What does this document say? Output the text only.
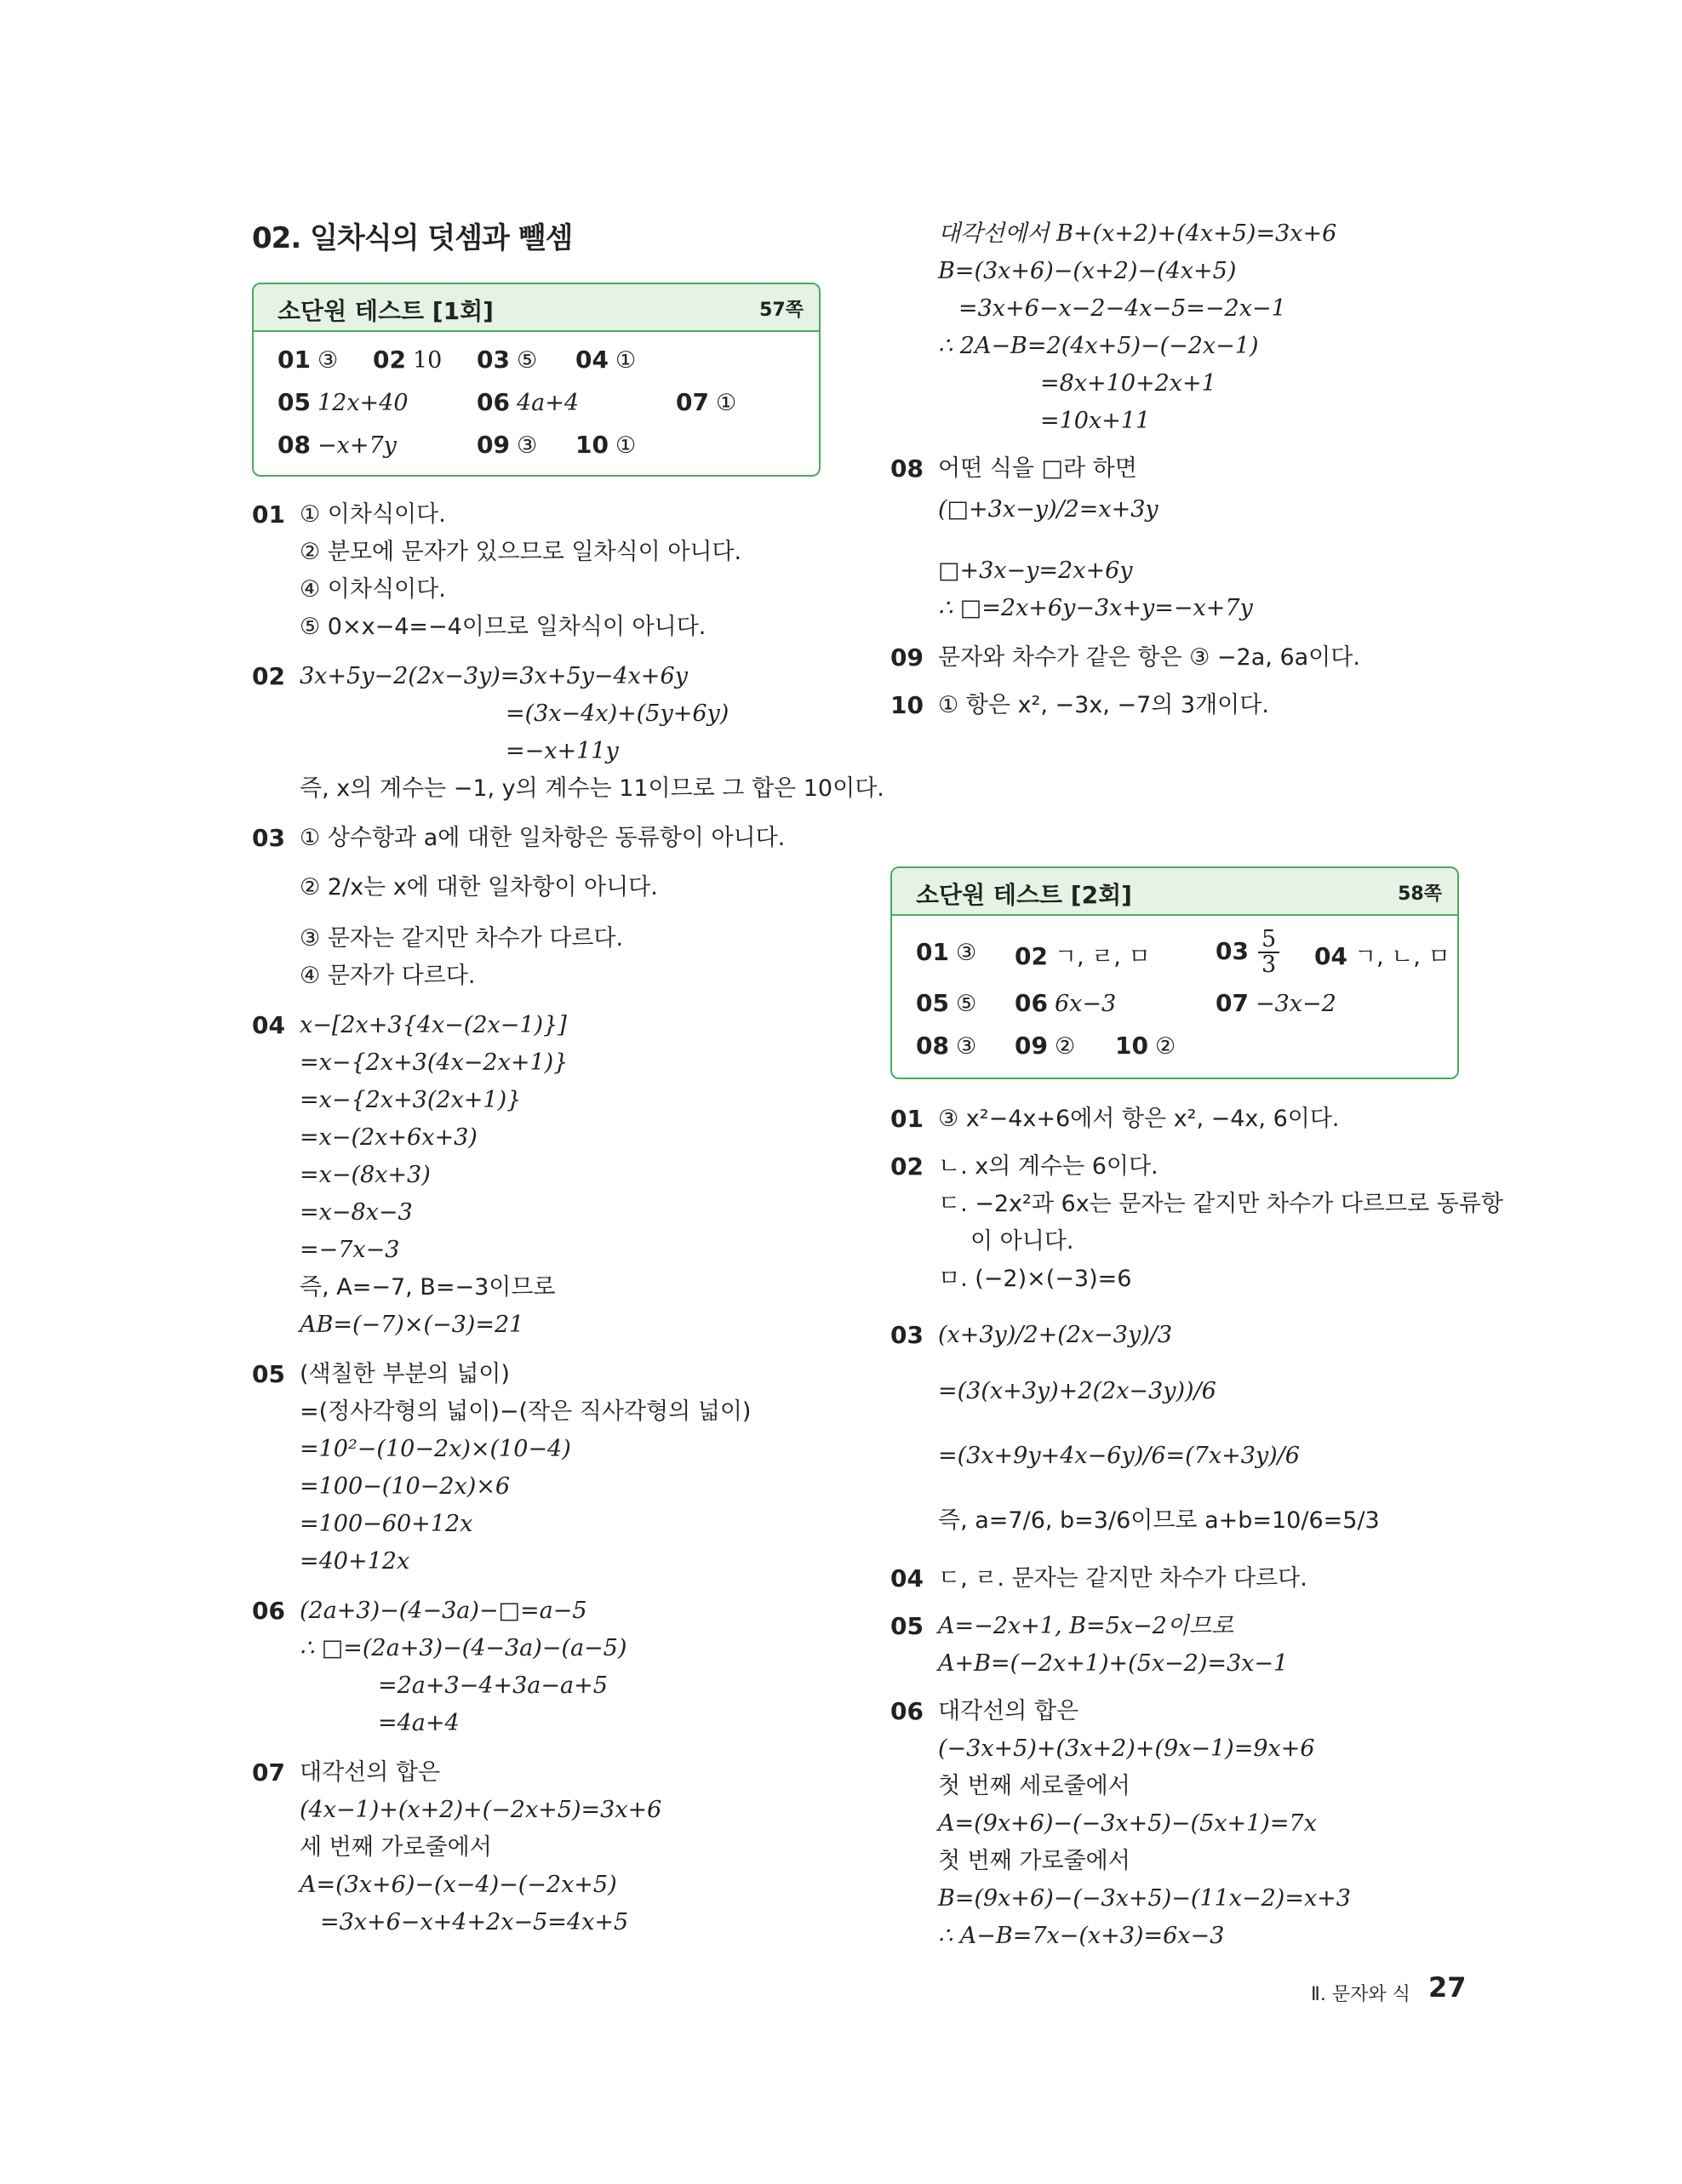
02. 일차식의 덧셈과 뺄셈
소단원 테스트 [1회]	57쪽
01 ③ 02 10 03 ⑤ 04 ①
05 12x+40	06 4a+4	07 ①
08 −x+7y	09 ③ 10 ①
01 ① 이차식이다.
② 분모에 문자가 있으므로 일차식이 아니다.
④ 이차식이다.
⑤ 0×x−4=−4이므로 일차식이 아니다.
02 3x+5y−2(2x−3y)=3x+5y−4x+6y
=(3x−4x)+(5y+6y)
=−x+11y
즉, x의 계수는 −1, y의 계수는 11이므로 그 합은 10이다.
03 ① 상수항과 a에 대한 일차항은 동류항이 아니다.
② 2/x는 x에 대한 일차항이 아니다.
③ 문자는 같지만 차수가 다르다.
④ 문자가 다르다.
04 x−[2x+3{4x−(2x−1)}]
=x−{2x+3(4x−2x+1)}
=x−{2x+3(2x+1)}
=x−(2x+6x+3)
=x−(8x+3)
=x−8x−3
=−7x−3
즉, A=−7, B=−3이므로
AB=(−7)×(−3)=21
05 (색칠한 부분의 넓이)
=(정사각형의 넓이)−(작은 직사각형의 넓이)
=10²−(10−2x)×(10−4)
=100−(10−2x)×6
=100−60+12x
=40+12x
06 (2a+3)−(4−3a)−□=a−5
∴ □=(2a+3)−(4−3a)−(a−5)
=2a+3−4+3a−a+5
=4a+4
07 대각선의 합은
(4x−1)+(x+2)+(−2x+5)=3x+6
세 번째 가로줄에서
A=(3x+6)−(x−4)−(−2x+5)
=3x+6−x+4+2x−5=4x+5
대각선에서 B+(x+2)+(4x+5)=3x+6
B=(3x+6)−(x+2)−(4x+5)
=3x+6−x−2−4x−5=−2x−1
∴ 2A−B=2(4x+5)−(−2x−1)
=8x+10+2x+1
=10x+11
08 어떤 식을 □라 하면
(□+3x−y)/2=x+3y
□+3x−y=2x+6y
∴ □=2x+6y−3x+y=−x+7y
09 문자와 차수가 같은 항은 ③ −2a, 6a이다.
10 ① 항은 x², −3x, −7의 3개이다.
소단원 테스트 [2회]	58쪽
01 ③ 02 ㄱ, ㄹ, ㅁ	$03 \frac{5}{3} 04$ ㄱ, ㄴ, ㅁ
05 ⑤ 06 6x−3	07 −3x−2
08 ③ 09 ② 10 ②
01 ③ x²−4x+6에서 항은 x², −4x, 6이다.
02 ㄴ. x의 계수는 6이다.
ㄷ. −2x²과 6x는 문자는 같지만 차수가 다르므로 동류항
이 아니다.
ㅁ. (−2)×(−3)=6
03 (x+3y)/2+(2x−3y)/3
=(3(x+3y)+2(2x−3y))/6
=(3x+9y+4x−6y)/6=(7x+3y)/6
즉, a=7/6, b=3/6이므로 a+b=10/6=5/3
04 ㄷ, ㄹ. 문자는 같지만 차수가 다르다.
05 A=−2x+1, B=5x−2이므로
A+B=(−2x+1)+(5x−2)=3x−1
06 대각선의 합은
(−3x+5)+(3x+2)+(9x−1)=9x+6
첫 번째 세로줄에서
A=(9x+6)−(−3x+5)−(5x+1)=7x
첫 번째 가로줄에서
B=(9x+6)−(−3x+5)−(11x−2)=x+3
∴ A−B=7x−(x+3)=6x−3
Ⅱ. 문자와 식 27
